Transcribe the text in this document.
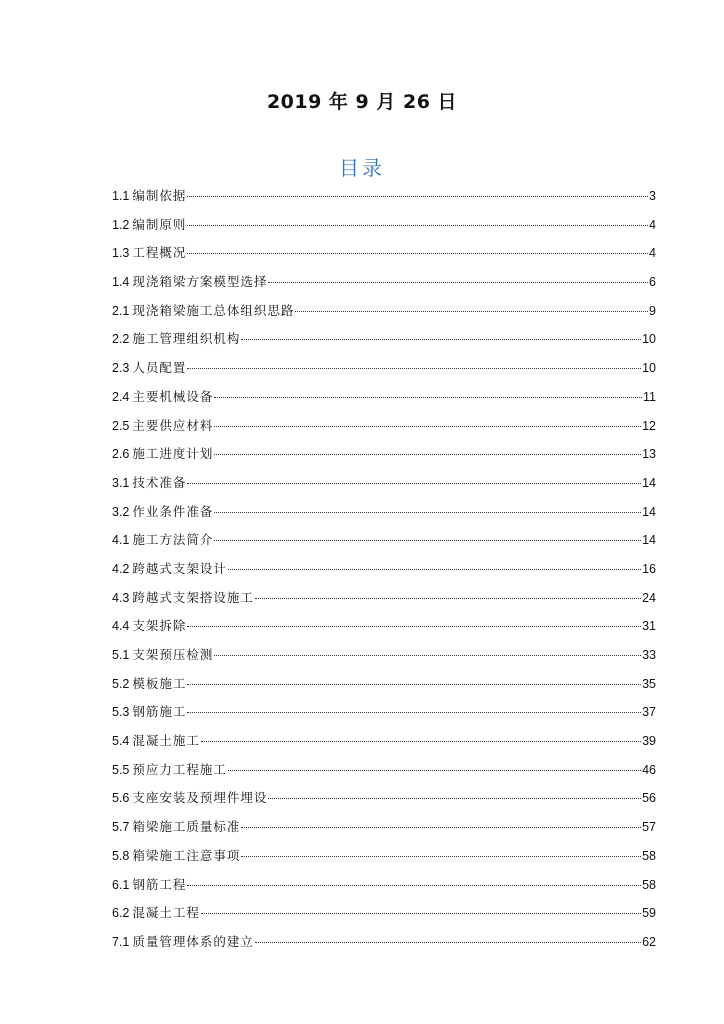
2019 年 9 月 26 日
目录
1.1 编制依据	3
1.2 编制原则	4
1.3 工程概况	4
1.4 现浇箱梁方案模型选择	6
2.1 现浇箱梁施工总体组织思路	9
2.2 施工管理组织机构	10
2.3 人员配置	10
2.4 主要机械设备	11
2.5 主要供应材料	12
2.6 施工进度计划	13
3.1 技术准备	14
3.2 作业条件准备	14
4.1 施工方法简介	14
4.2 跨越式支架设计	16
4.3 跨越式支架搭设施工	24
4.4 支架拆除	31
5.1 支架预压检测	33
5.2 模板施工	35
5.3 钢筋施工	37
5.4 混凝土施工	39
5.5 预应力工程施工	46
5.6 支座安装及预埋件埋设	56
5.7 箱梁施工质量标准	57
5.8 箱梁施工注意事项	58
6.1 钢筋工程	58
6.2 混凝土工程	59
7.1 质量管理体系的建立	62
